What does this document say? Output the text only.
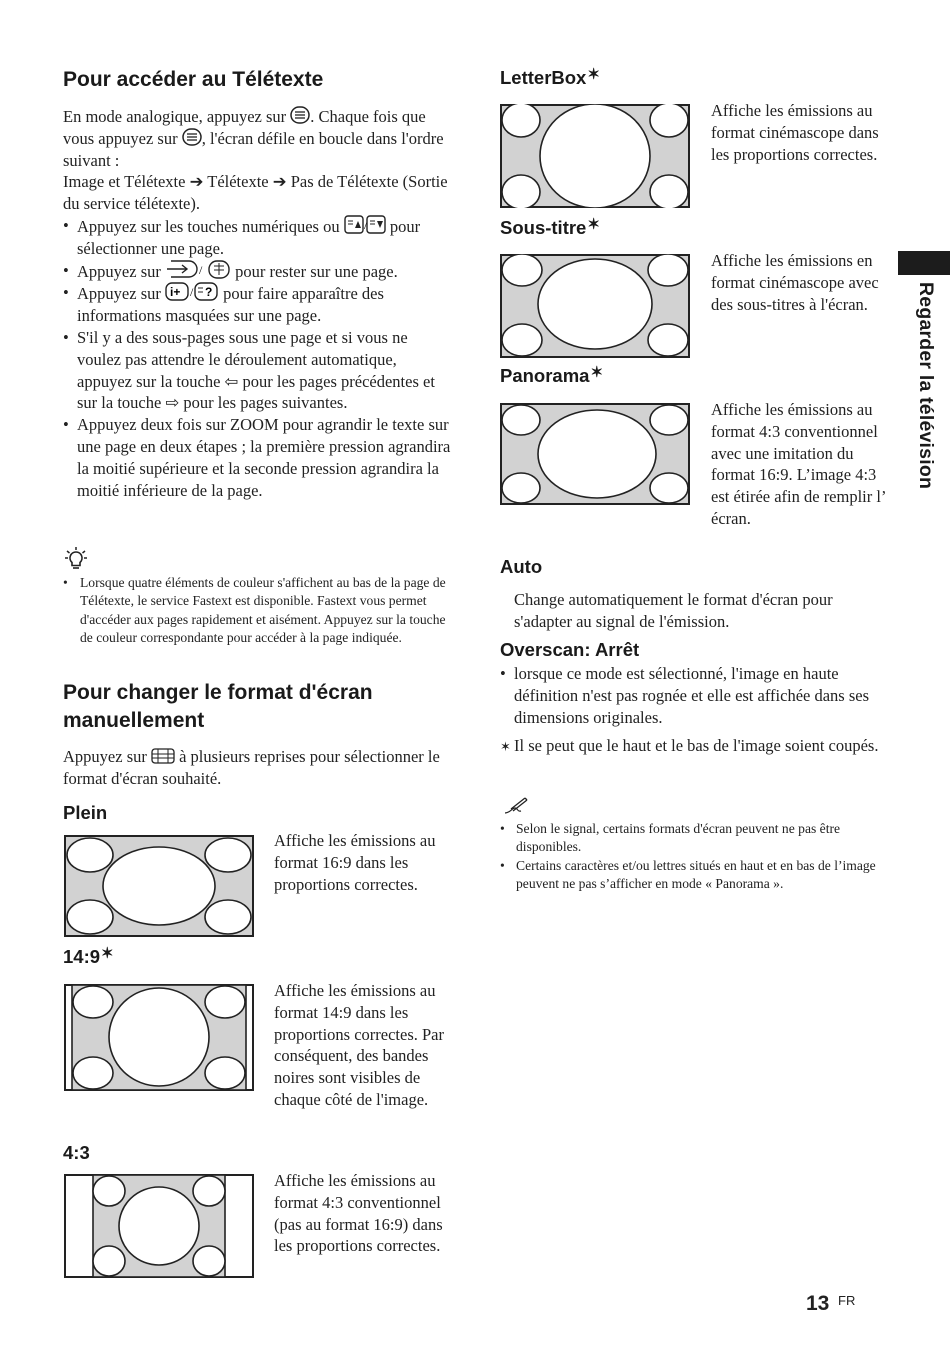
Pour accéder au Télétexte
En mode analogique, appuyez sur . Chaque fois que vous appuyez sur , l'écran défile en boucle dans l'ordre suivant :
Image et Télétexte ➔ Télétexte ➔ Pas de Télétexte (Sortie du service télétexte).
• Appuyez sur les touches numériques ou / pour sélectionner une page.
• Appuyez sur	/ pour rester sur une page.
• Appuyez sur i+ / ? pour faire apparaître des informations masquées sur une page.
• S'il y a des sous-pages sous une page et si vous ne voulez pas attendre le déroulement automatique, appuyez sur la touche ⇦ pour les pages précédentes et sur la touche ⇨ pour les pages suivantes.
• Appuyez deux fois sur ZOOM pour agrandir le texte sur une page en deux étapes ; la première pression agrandira la moitié supérieure et la seconde pression agrandira la moitié inférieure de la page.
• Lorsque quatre éléments de couleur s'affichent au bas de la page de Télétexte, le service Fastext est disponible. Fastext vous permet d'accéder aux pages rapidement et aisément. Appuyez sur la touche de couleur correspondante pour accéder à la page indiquée.
Pour changer le format d'écran
manuellement
Appuyez sur à plusieurs reprises pour sélectionner le format d'écran souhaité.
Plein
Affiche les émissions au format 16:9 dans les proportions correctes.
14:9✶
Affiche les émissions au format 14:9 dans les proportions correctes. Par conséquent, des bandes noires sont visibles de chaque côté de l'image.
4:3
Affiche les émissions au format 4:3 conventionnel (pas au format 16:9) dans les proportions correctes.
LetterBox✶
Affiche les émissions au format cinémascope dans les proportions correctes.
Sous-titre✶
Affiche les émissions en format cinémascope avec des sous-titres à l'écran.
Panorama✶
Affiche les émissions au format 4:3 conventionnel avec une imitation du format 16:9. L’image 4:3 est étirée afin de remplir l’ écran.
Auto
Change automatiquement le format d'écran pour s'adapter au signal de l'émission.
Overscan: Arrêt
• lorsque ce mode est sélectionné, l'image en haute définition n'est pas rognée et elle est affichée dans ses dimensions originales.
✶ Il se peut que le haut et le bas de l'image soient coupés.
• Selon le signal, certains formats d'écran peuvent ne pas être disponibles.
• Certains caractères et/ou lettres situés en haut et en bas de l’image peuvent ne pas s’afficher en mode « Panorama ».
Regarder la télévision
13 FR
